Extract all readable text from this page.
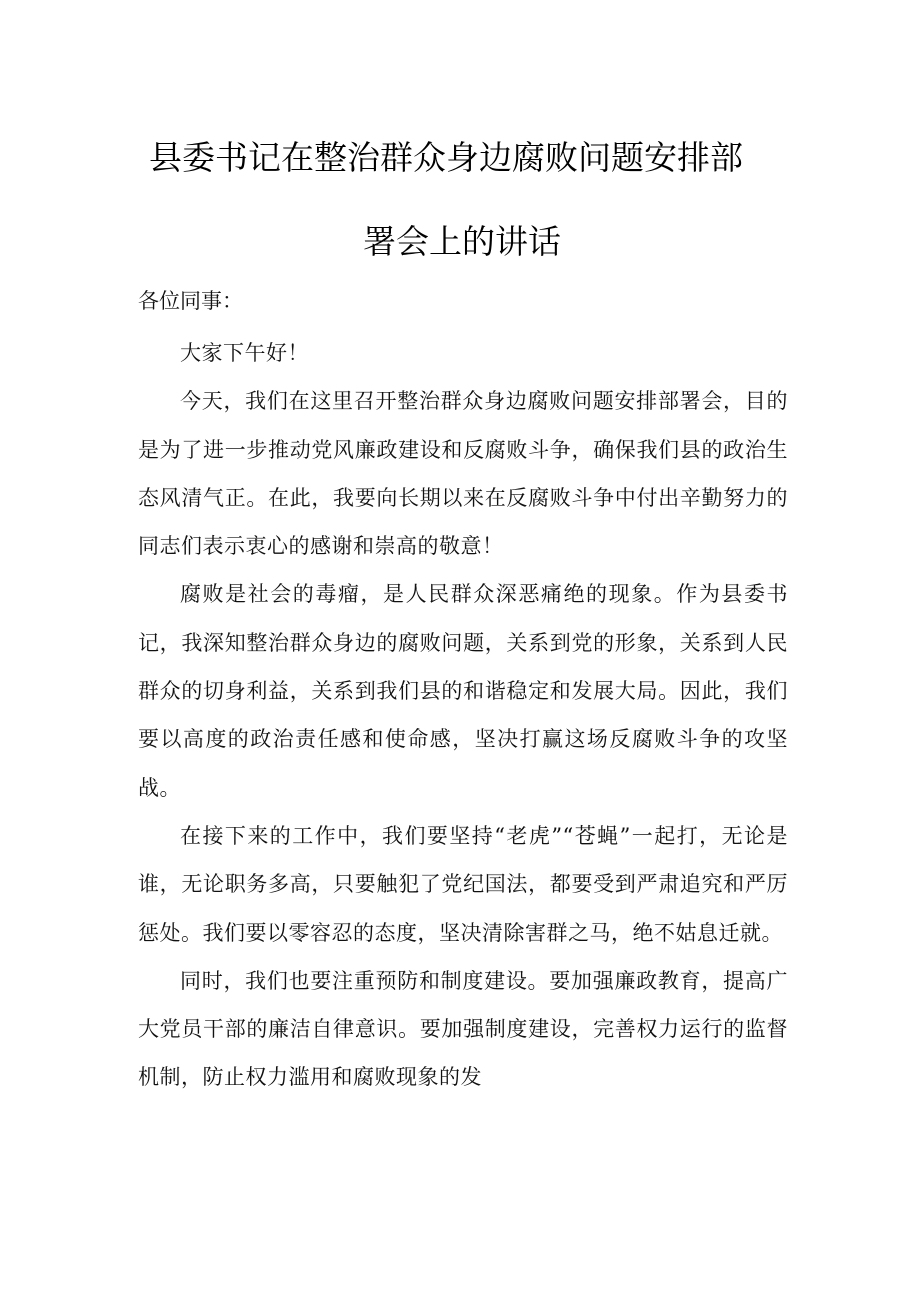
县委书记在整治群众身边腐败问题安排部
署会上的讲话

各位同事：

大家下午好！

今天，我们在这里召开整治群众身边腐败问题安排部署会，目的是为了进一步推动党风廉政建设和反腐败斗争，确保我们县的政治生态风清气正。在此，我要向长期以来在反腐败斗争中付出辛勤努力的同志们表示衷心的感谢和崇高的敬意！

腐败是社会的毒瘤，是人民群众深恶痛绝的现象。作为县委书记，我深知整治群众身边的腐败问题，关系到党的形象，关系到人民群众的切身利益，关系到我们县的和谐稳定和发展大局。因此，我们要以高度的政治责任感和使命感，坚决打赢这场反腐败斗争的攻坚战。

在接下来的工作中，我们要坚持“老虎”“苍蝇”一起打，无论是谁，无论职务多高，只要触犯了党纪国法，都要受到严肃追究和严厉惩处。我们要以零容忍的态度，坚决清除害群之马，绝不姑息迁就。

同时，我们也要注重预防和制度建设。要加强廉政教育，提高广大党员干部的廉洁自律意识。要加强制度建设，完善权力运行的监督机制，防止权力滥用和腐败现象的发
